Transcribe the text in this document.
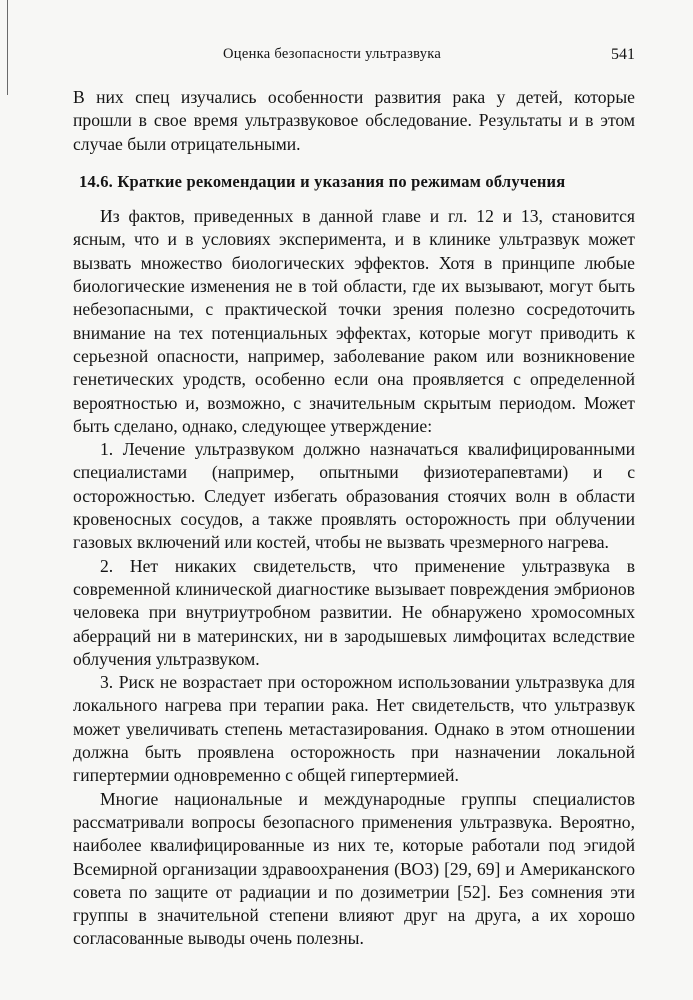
Оценка безопасности ультразвука	541

В них спец изучались особенности развития рака у детей, которые прошли в свое время ультразвуковое обследование. Результаты и в этом случае были отрицательными.

14.6. Краткие рекомендации и указания по режимам облучения

Из фактов, приведенных в данной главе и гл. 12 и 13, становится ясным, что и в условиях эксперимента, и в клинике ультразвук может вызвать множество биологических эффектов. Хотя в принципе любые биологические изменения не в той области, где их вызывают, могут быть небезопасными, с практической точки зрения полезно сосредоточить внимание на тех потенциальных эффектах, которые могут приводить к серьезной опасности, например, заболевание раком или возникновение генетических уродств, особенно если она проявляется с определенной вероятностью и, возможно, с значительным скрытым периодом. Может быть сделано, однако, следующее утверждение:

1. Лечение ультразвуком должно назначаться квалифицированными специалистами (например, опытными физиотерапевтами) и с осторожностью. Следует избегать образования стоячих волн в области кровеносных сосудов, а также проявлять осторожность при облучении газовых включений или костей, чтобы не вызвать чрезмерного нагрева.

2. Нет никаких свидетельств, что применение ультразвука в современной клинической диагностике вызывает повреждения эмбрионов человека при внутриутробном развитии. Не обнаружено хромосомных аберраций ни в материнских, ни в зародышевых лимфоцитах вследствие облучения ультразвуком.

3. Риск не возрастает при осторожном использовании ультразвука для локального нагрева при терапии рака. Нет свидетельств, что ультразвук может увеличивать степень метастазирования. Однако в этом отношении должна быть проявлена осторожность при назначении локальной гипертермии одновременно с общей гипертермией.

Многие национальные и международные группы специалистов рассматривали вопросы безопасного применения ультразвука. Вероятно, наиболее квалифицированные из них те, которые работали под эгидой Всемирной организации здравоохранения (ВОЗ) [29, 69] и Американского совета по защите от радиации и по дозиметрии [52]. Без сомнения эти группы в значительной степени влияют друг на друга, а их хорошо согласованные выводы очень полезны.
